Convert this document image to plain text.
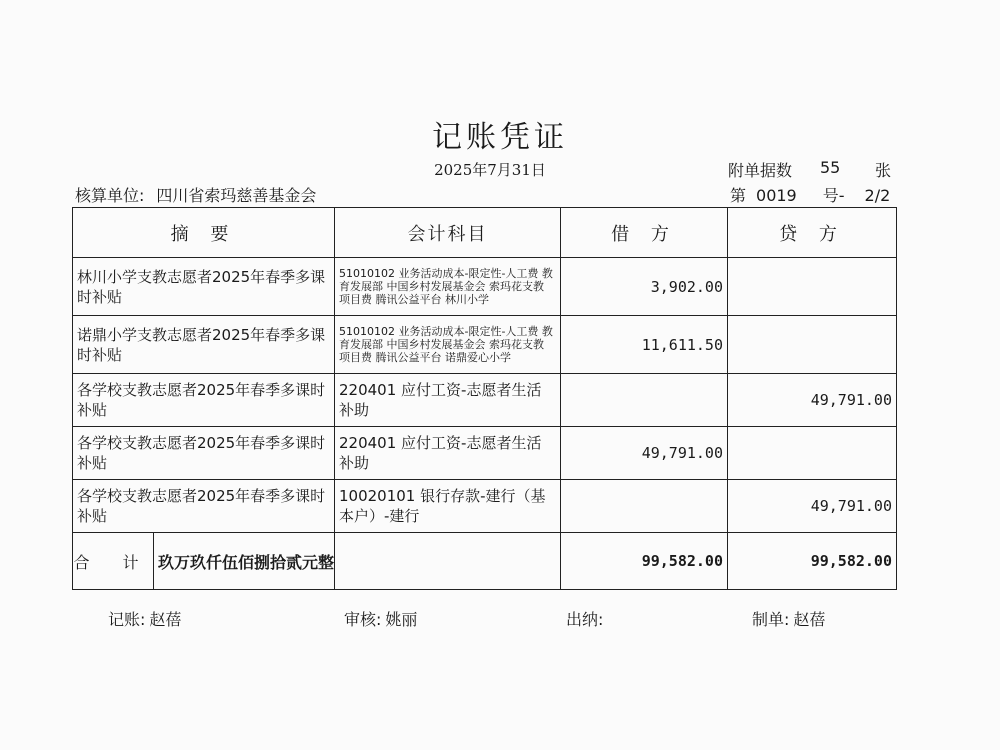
记账凭证
2025年7月31日	附单据数 55	张
核算单位: 四川省索玛慈善基金会	第 0019 号- 2/2
摘 要	会计科目	借 方	贷 方
林川小学支教志愿者2025年春季多课时补贴	51010102 业务活动成本-限定性-人工费 教育发展部 中国乡村发展基金会 索玛花支教 项目费 腾讯公益平台 林川小学	3,902.00	
诺鼎小学支教志愿者2025年春季多课时补贴	51010102 业务活动成本-限定性-人工费 教育发展部 中国乡村发展基金会 索玛花支教 项目费 腾讯公益平台 诺鼎爱心小学	11,611.50	
各学校支教志愿者2025年春季多课时补贴	220401 应付工资-志愿者生活补助		49,791.00
各学校支教志愿者2025年春季多课时补贴	220401 应付工资-志愿者生活补助	49,791.00	
各学校支教志愿者2025年春季多课时补贴	10020101 银行存款-建行（基本户）-建行		49,791.00

合 计 玖万玖仟伍佰捌拾贰元整		99,582.00	99,582.00
记账: 赵蓓	审核: 姚丽	出纳:	制单: 赵蓓
